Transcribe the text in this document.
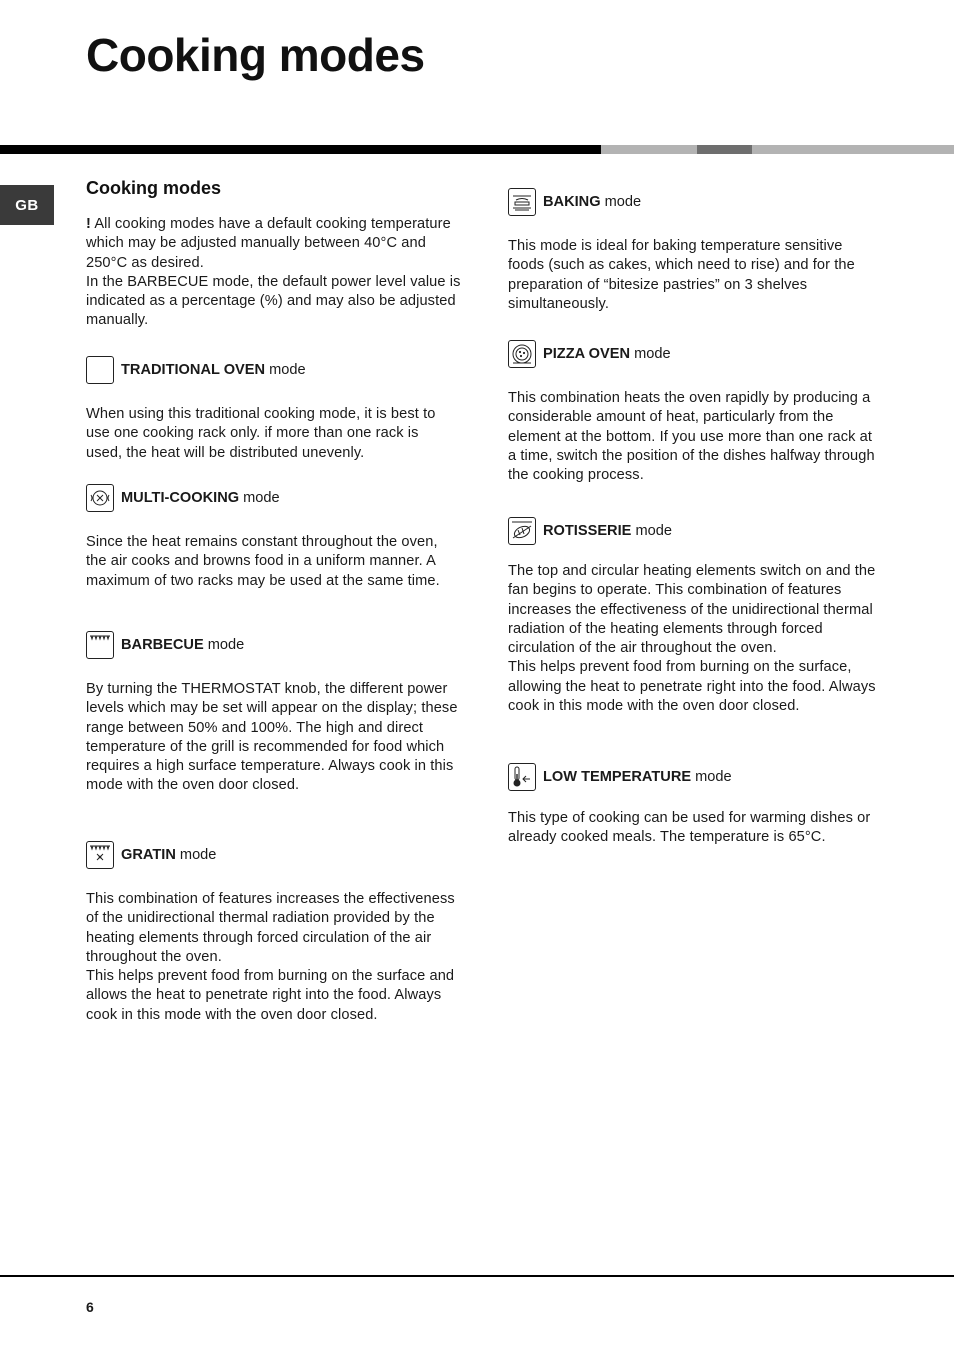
Cooking modes
GB
Cooking modes

! All cooking modes have a default cooking temperature which may be adjusted manually between 40°C and 250°C as desired.
In the BARBECUE mode, the default power level value is indicated as a percentage (%) and may also be adjusted manually.

TRADITIONAL OVEN mode

When using this traditional cooking mode, it is best to use one cooking rack only. if more than one rack is used, the heat will be distributed unevenly.

MULTI-COOKING mode

Since the heat remains constant throughout the oven, the air cooks and browns food in a uniform manner. A maximum of two racks may be used at the same time.

BARBECUE mode

By turning the THERMOSTAT knob, the different power levels which may be set will appear on the display; these range between 50% and 100%. The high and direct temperature of the grill is recommended for food which requires a high surface temperature. Always cook in this mode with the oven door closed.

GRATIN mode

This combination of features increases the effectiveness of the unidirectional thermal radiation provided by the heating elements through forced circulation of the air throughout the oven.
This helps prevent food from burning on the surface and allows the heat to penetrate right into the food. Always cook in this mode with the oven door closed.

BAKING mode

This mode is ideal for baking temperature sensitive foods (such as cakes, which need to rise) and for the preparation of “bitesize pastries” on 3 shelves simultaneously.

PIZZA OVEN mode

This combination heats the oven rapidly by producing a considerable amount of heat, particularly from the element at the bottom. If you use more than one rack at a time, switch the position of the dishes halfway through the cooking process.

ROTISSERIE mode

The top and circular heating elements switch on and the fan begins to operate. This combination of features increases the effectiveness of the unidirectional thermal radiation of the heating elements through forced circulation of the air throughout the oven.
This helps prevent food from burning on the surface, allowing the heat to penetrate right into the food. Always cook in this mode with the oven door closed.

LOW TEMPERATURE mode

This type of cooking can be used for warming dishes or already cooked meals. The temperature is 65°C.

6
